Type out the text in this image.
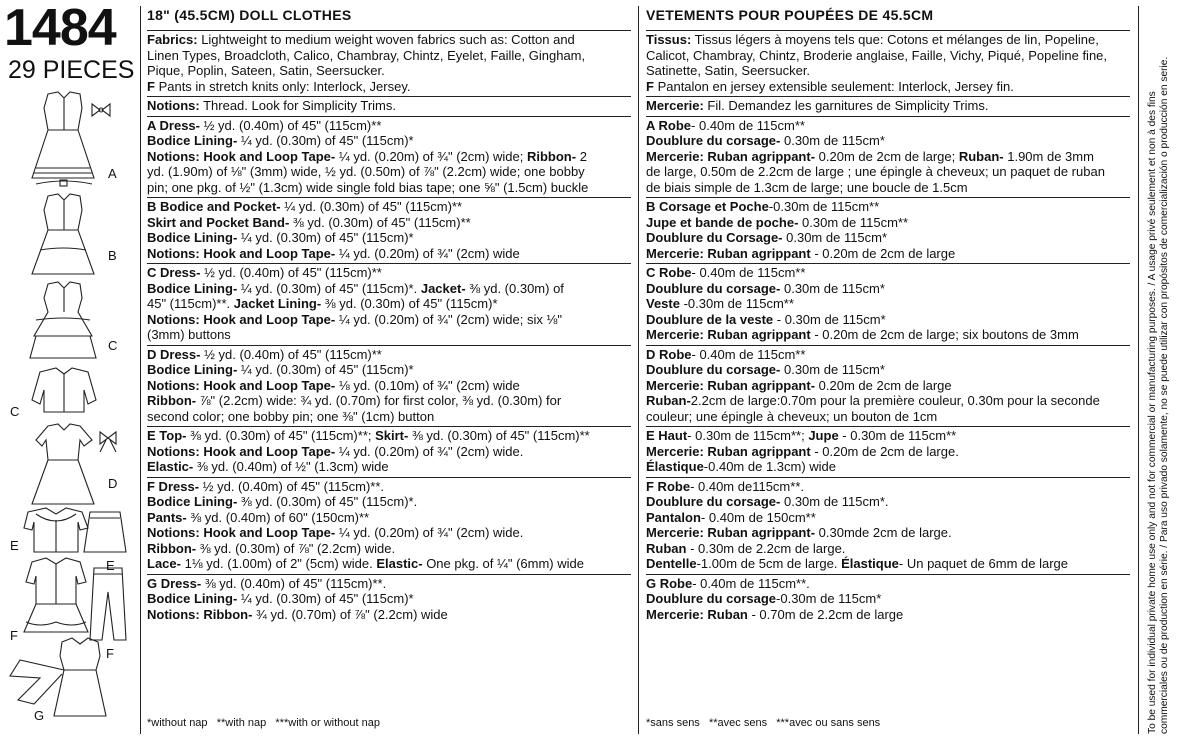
1484
29 PIECES
A
B
C
C
D
E
E
F
F
G
18" (45.5CM) DOLL CLOTHES
Fabrics: Lightweight to medium weight woven fabrics such as: Cotton and
Linen Types, Broadcloth, Calico, Chambray, Chintz, Eyelet, Faille, Gingham,
Pique, Poplin, Sateen, Satin, Seersucker.
F Pants in stretch knits only: Interlock, Jersey.
Notions: Thread. Look for Simplicity Trims.
A Dress- ½ yd. (0.40m) of 45" (115cm)**
Bodice Lining- ¼ yd. (0.30m) of 45" (115cm)*
Notions: Hook and Loop Tape- ¼ yd. (0.20m) of ¾" (2cm) wide; Ribbon- 2
yd. (1.90m) of ⅛" (3mm) wide, ½ yd. (0.50m) of ⅞" (2.2cm) wide; one bobby
pin; one pkg. of ½" (1.3cm) wide single fold bias tape; one ⅝" (1.5cm) buckle
B Bodice and Pocket- ¼ yd. (0.30m) of 45" (115cm)**
Skirt and Pocket Band- ⅜ yd. (0.30m) of 45" (115cm)**
Bodice Lining- ¼ yd. (0.30m) of 45" (115cm)*
Notions: Hook and Loop Tape- ¼ yd. (0.20m) of ¾" (2cm) wide
C Dress- ½ yd. (0.40m) of 45" (115cm)**
Bodice Lining- ¼ yd. (0.30m) of 45" (115cm)*. Jacket- ⅜ yd. (0.30m) of
45" (115cm)**. Jacket Lining- ⅜ yd. (0.30m) of 45" (115cm)*
Notions: Hook and Loop Tape- ¼ yd. (0.20m) of ¾" (2cm) wide; six ⅛"
(3mm) buttons
D Dress- ½ yd. (0.40m) of 45" (115cm)**
Bodice Lining- ¼ yd. (0.30m) of 45" (115cm)*
Notions: Hook and Loop Tape- ⅛ yd. (0.10m) of ¾" (2cm) wide
Ribbon- ⅞" (2.2cm) wide: ¾ yd. (0.70m) for first color, ⅜ yd. (0.30m) for
second color; one bobby pin; one ⅜" (1cm) button
E Top- ⅜ yd. (0.30m) of 45" (115cm)**; Skirt- ⅜ yd. (0.30m) of 45" (115cm)**
Notions: Hook and Loop Tape- ¼ yd. (0.20m) of ¾" (2cm) wide.
Elastic- ⅜ yd. (0.40m) of ½" (1.3cm) wide
F Dress- ½ yd. (0.40m) of 45" (115cm)**.
Bodice Lining- ⅜ yd. (0.30m) of 45" (115cm)*.
Pants- ⅜ yd. (0.40m) of 60" (150cm)**
Notions: Hook and Loop Tape- ¼ yd. (0.20m) of ¾" (2cm) wide.
Ribbon- ⅜ yd. (0.30m) of ⅞" (2.2cm) wide.
Lace- 1⅛ yd. (1.00m) of 2" (5cm) wide. Elastic- One pkg. of ¼" (6mm) wide
G Dress- ⅜ yd. (0.40m) of 45" (115cm)**.
Bodice Lining- ¼ yd. (0.30m) of 45" (115cm)*
Notions: Ribbon- ¾ yd. (0.70m) of ⅞" (2.2cm) wide
*without nap   **with nap   ***with or without nap
VETEMENTS POUR POUPÉES DE 45.5CM
Tissus: Tissus légers à moyens tels que: Cotons et mélanges de lin, Popeline,
Calicot, Chambray, Chintz, Broderie anglaise, Faille, Vichy, Piqué, Popeline fine,
Satinette, Satin, Seersucker.
F Pantalon en jersey extensible seulement: Interlock, Jersey fin.
Mercerie: Fil. Demandez les garnitures de Simplicity Trims.
A Robe- 0.40m de 115cm**
Doublure du corsage- 0.30m de 115cm*
Mercerie: Ruban agrippant- 0.20m de 2cm de large; Ruban- 1.90m de 3mm
de large, 0.50m de 2.2cm de large ; une épingle à cheveux; un paquet de ruban
de biais simple de 1.3cm de large; une boucle de 1.5cm
B Corsage et Poche-0.30m de 115cm**
Jupe et bande de poche- 0.30m de 115cm**
Doublure du Corsage- 0.30m de 115cm*
Mercerie: Ruban agrippant - 0.20m de 2cm de large
C Robe- 0.40m de 115cm**
Doublure du corsage- 0.30m de 115cm*
Veste -0.30m de 115cm**
Doublure de la veste - 0.30m de 115cm*
Mercerie: Ruban agrippant - 0.20m de 2cm de large; six boutons de 3mm
D Robe- 0.40m de 115cm**
Doublure du corsage- 0.30m de 115cm*
Mercerie: Ruban agrippant- 0.20m de 2cm de large
Ruban-2.2cm de large:0.70m pour la première couleur, 0.30m pour la seconde
couleur; une épingle à cheveux; un bouton de 1cm
E Haut- 0.30m de 115cm**; Jupe - 0.30m de 115cm**
Mercerie: Ruban agrippant - 0.20m de 2cm de large.
Élastique-0.40m de 1.3cm) wide
F Robe- 0.40m de115cm**.
Doublure du corsage- 0.30m de 115cm*.
Pantalon- 0.40m de 150cm**
Mercerie: Ruban agrippant- 0.30mde 2cm de large.
Ruban - 0.30m de 2.2cm de large.
Dentelle-1.00m de 5cm de large. Élastique- Un paquet de 6mm de large
G Robe- 0.40m de 115cm**.
Doublure du corsage-0.30m de 115cm*
Mercerie: Ruban - 0.70m de 2.2cm de large
*sans sens   **avec sens   ***avec ou sans sens	To be used for individual private home use only and not for commercial or manufacturing purposes. / A usage privé seulement et non à des fins commerciales ou de production en série. / Para uso privado solamente, no se puede utilizar con propósitos de comercialización o producción en serie.
